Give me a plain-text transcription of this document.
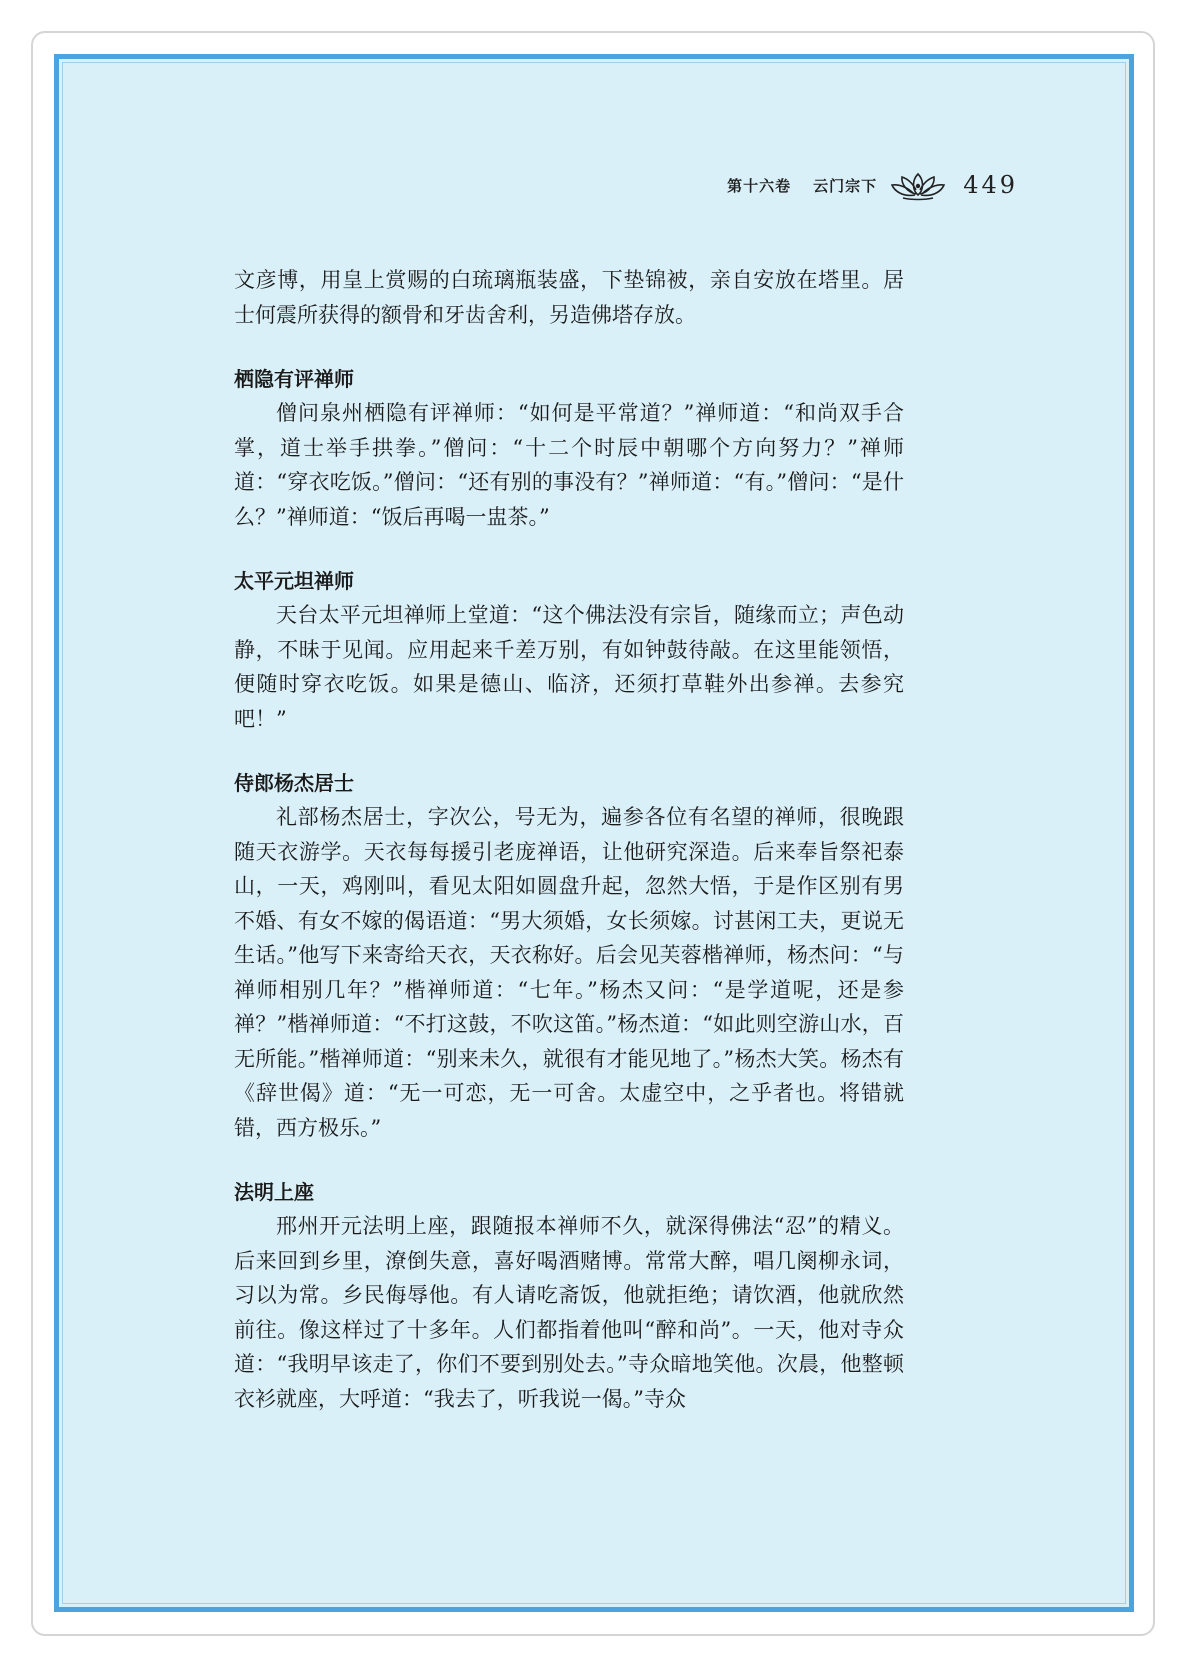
第十六卷 云门宗下	449

文彦博，用皇上赏赐的白琉璃瓶装盛，下垫锦被，亲自安放在塔里。居士何震所获得的额骨和牙齿舍利，另造佛塔存放。

栖隐有评禅师

僧问泉州栖隐有评禅师：“如何是平常道？”禅师道：“和尚双手合掌，道士举手拱拳。”僧问：“十二个时辰中朝哪个方向努力？”禅师道：“穿衣吃饭。”僧问：“还有别的事没有？”禅师道：“有。”僧问：“是什么？”禅师道：“饭后再喝一盅茶。”

太平元坦禅师

天台太平元坦禅师上堂道：“这个佛法没有宗旨，随缘而立；声色动静，不昧于见闻。应用起来千差万别，有如钟鼓待敲。在这里能领悟，便随时穿衣吃饭。如果是德山、临济，还须打草鞋外出参禅。去参究吧！”

侍郎杨杰居士

礼部杨杰居士，字次公，号无为，遍参各位有名望的禅师，很晚跟随天衣游学。天衣每每援引老庞禅语，让他研究深造。后来奉旨祭祀泰山，一天，鸡刚叫，看见太阳如圆盘升起，忽然大悟，于是作区别有男不婚、有女不嫁的偈语道：“男大须婚，女长须嫁。讨甚闲工夫，更说无生话。”他写下来寄给天衣，天衣称好。后会见芙蓉楷禅师，杨杰问：“与禅师相别几年？”楷禅师道：“七年。”杨杰又问：“是学道呢，还是参禅？”楷禅师道：“不打这鼓，不吹这笛。”杨杰道：“如此则空游山水，百无所能。”楷禅师道：“别来未久，就很有才能见地了。”杨杰大笑。杨杰有《辞世偈》道：“无一可恋，无一可舍。太虚空中，之乎者也。将错就错，西方极乐。”

法明上座

邢州开元法明上座，跟随报本禅师不久，就深得佛法“忍”的精义。后来回到乡里，潦倒失意，喜好喝酒赌博。常常大醉，唱几阕柳永词，习以为常。乡民侮辱他。有人请吃斋饭，他就拒绝；请饮酒，他就欣然前往。像这样过了十多年。人们都指着他叫“醉和尚”。一天，他对寺众道：“我明早该走了，你们不要到别处去。”寺众暗地笑他。次晨，他整顿衣衫就座，大呼道：“我去了，听我说一偈。”寺众
